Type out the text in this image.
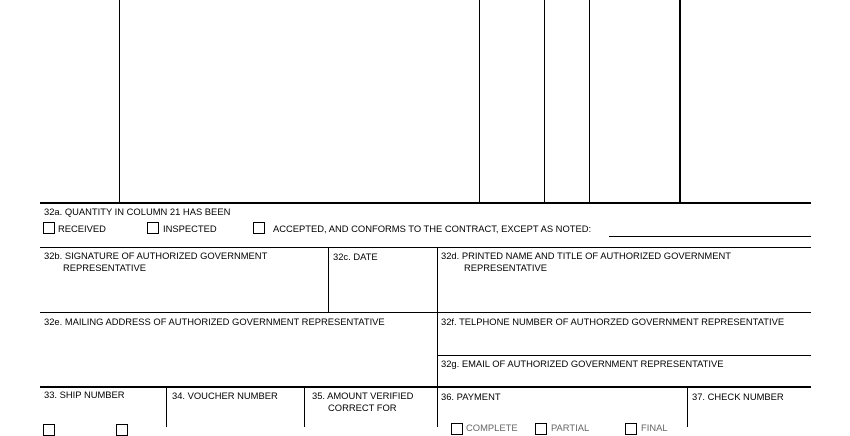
32a. QUANTITY IN COLUMN 21 HAS BEEN
RECEIVED	INSPECTED	ACCEPTED, AND CONFORMS TO THE CONTRACT, EXCEPT AS NOTED:
32b. SIGNATURE OF AUTHORIZED GOVERNMENT
REPRESENTATIVE
32c. DATE	32d. PRINTED NAME AND TITLE OF AUTHORIZED GOVERNMENT
REPRESENTATIVE
32e. MAILING ADDRESS OF AUTHORIZED GOVERNMENT REPRESENTATIVE	32f. TELPHONE NUMBER OF AUTHORZED GOVERNMENT REPRESENTATIVE
32g. EMAIL OF AUTHORIZED GOVERNMENT REPRESENTATIVE
33. SHIP NUMBER	34. VOUCHER NUMBER	35. AMOUNT VERIFIED
CORRECT FOR
36. PAYMENT	37. CHECK NUMBER
COMPLETE	PARTIAL	FINAL
